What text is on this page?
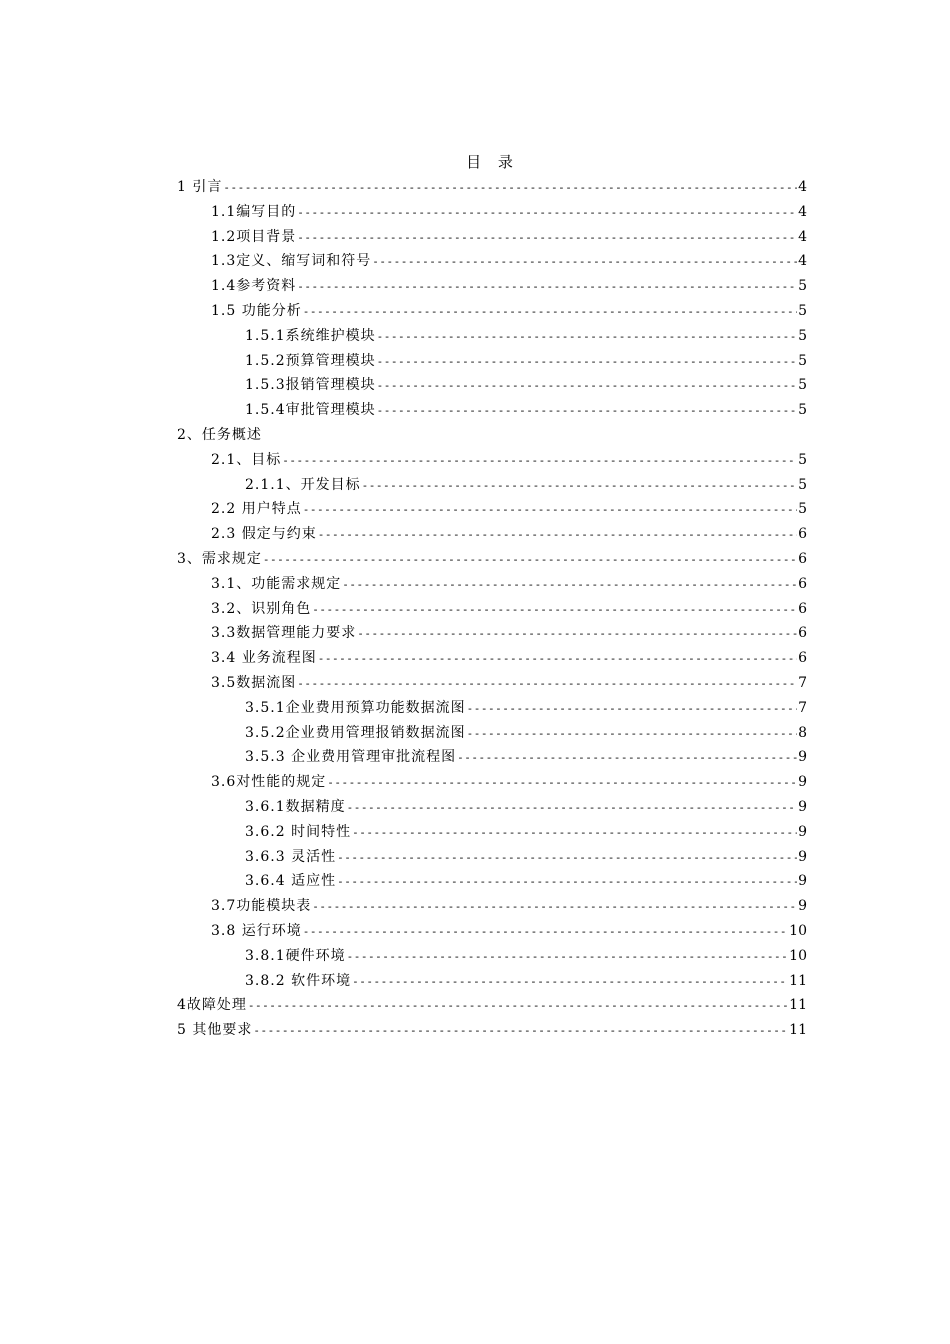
目 录
1 引言 -----	4
1.1编写目的 -----	4
1.2项目背景 -----	4
1.3定义、缩写词和符号 -----	4
1.4参考资料 -----	5
1.5 功能分析 -----	5
1.5.1系统维护模块 -----	5
1.5.2预算管理模块 -----	5
1.5.3报销管理模块 -----	5
1.5.4审批管理模块 -----	5
2、任务概述
2.1、目标 -----	5
2.1.1、开发目标 -----	5
2.2 用户特点 -----	5
2.3 假定与约束 -----	6
3、需求规定 -----	6
3.1、功能需求规定 -----	6
3.2、识别角色 -----	6
3.3数据管理能力要求 -----	6
3.4 业务流程图 -----	6
3.5数据流图 -----	7
3.5.1企业费用预算功能数据流图 -----	7
3.5.2企业费用管理报销数据流图 -----	8
3.5.3 企业费用管理审批流程图 -----	9
3.6对性能的规定 -----	9
3.6.1数据精度 -----	9
3.6.2 时间特性 -----	9
3.6.3 灵活性 -----	9
3.6.4 适应性 -----	9
3.7功能模块表 -----	9
3.8 运行环境 -----	10
3.8.1硬件环境 -----	10
3.8.2 软件环境 -----	11
4故障处理 -----	11
5 其他要求 -----	11
